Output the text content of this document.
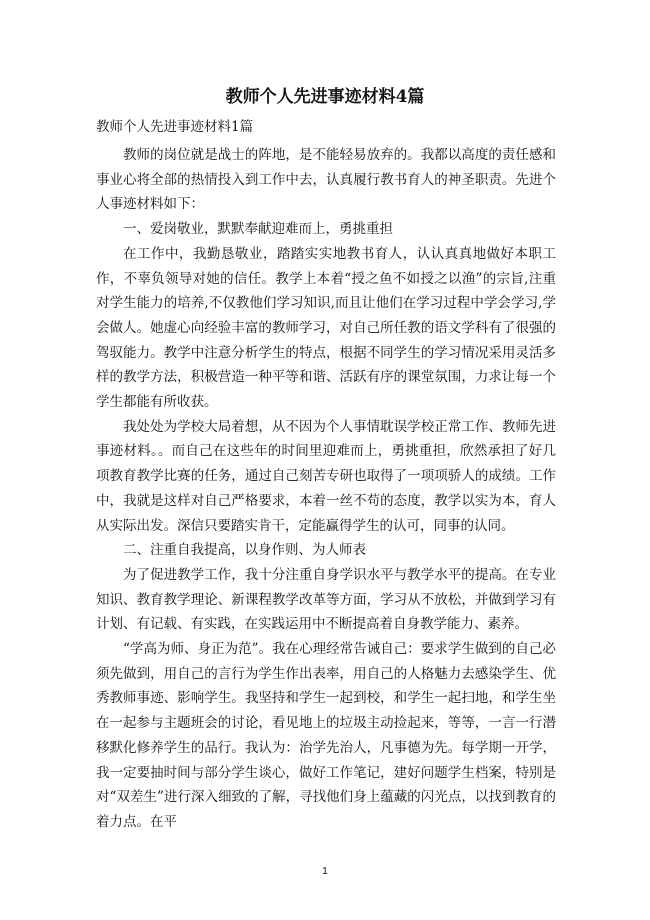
教师个人先进事迹材料4篇
教师个人先进事迹材料1篇

教师的岗位就是战士的阵地，是不能轻易放弃的。我都以高度的责任感和事业心将全部的热情投入到工作中去，认真履行教书育人的神圣职责。先进个人事迹材料如下：

一、爱岗敬业，默默奉献迎难而上，勇挑重担

在工作中，我勤恳敬业，踏踏实实地教书育人，认认真真地做好本职工作，不辜负领导对她的信任。教学上本着“授之鱼不如授之以渔”的宗旨,注重对学生能力的培养,不仅教他们学习知识,而且让他们在学习过程中学会学习,学会做人。她虚心向经验丰富的教师学习，对自己所任教的语文学科有了很强的驾驭能力。教学中注意分析学生的特点，根据不同学生的学习情况采用灵活多样的教学方法，积极营造一种平等和谐、活跃有序的课堂氛围，力求让每一个学生都能有所收获。

我处处为学校大局着想，从不因为个人事情耽误学校正常工作、教师先进事迹材料。。而自己在这些年的时间里迎难而上，勇挑重担，欣然承担了好几项教育教学比赛的任务，通过自己刻苦专研也取得了一项项骄人的成绩。工作中，我就是这样对自己严格要求，本着一丝不苟的态度，教学以实为本，育人从实际出发。深信只要踏实肯干，定能赢得学生的认可，同事的认同。

二、注重自我提高，以身作则、为人师表

为了促进教学工作，我十分注重自身学识水平与教学水平的提高。在专业知识、教育教学理论、新课程教学改革等方面，学习从不放松，并做到学习有计划、有记载、有实践，在实践运用中不断提高着自身教学能力、素养。

“学高为师、身正为范”。我在心理经常告诫自己：要求学生做到的自己必须先做到，用自己的言行为学生作出表率，用自己的人格魅力去感染学生、优秀教师事迹、影响学生。我坚持和学生一起到校，和学生一起扫地，和学生坐在一起参与主题班会的讨论，看见地上的垃圾主动捡起来，等等，一言一行潜移默化修养学生的品行。我认为：治学先治人，凡事德为先。每学期一开学，我一定要抽时间与部分学生谈心，做好工作笔记，建好问题学生档案，特别是对“双差生”进行深入细致的了解，寻找他们身上蕴藏的闪光点，以找到教育的着力点。在平

1
